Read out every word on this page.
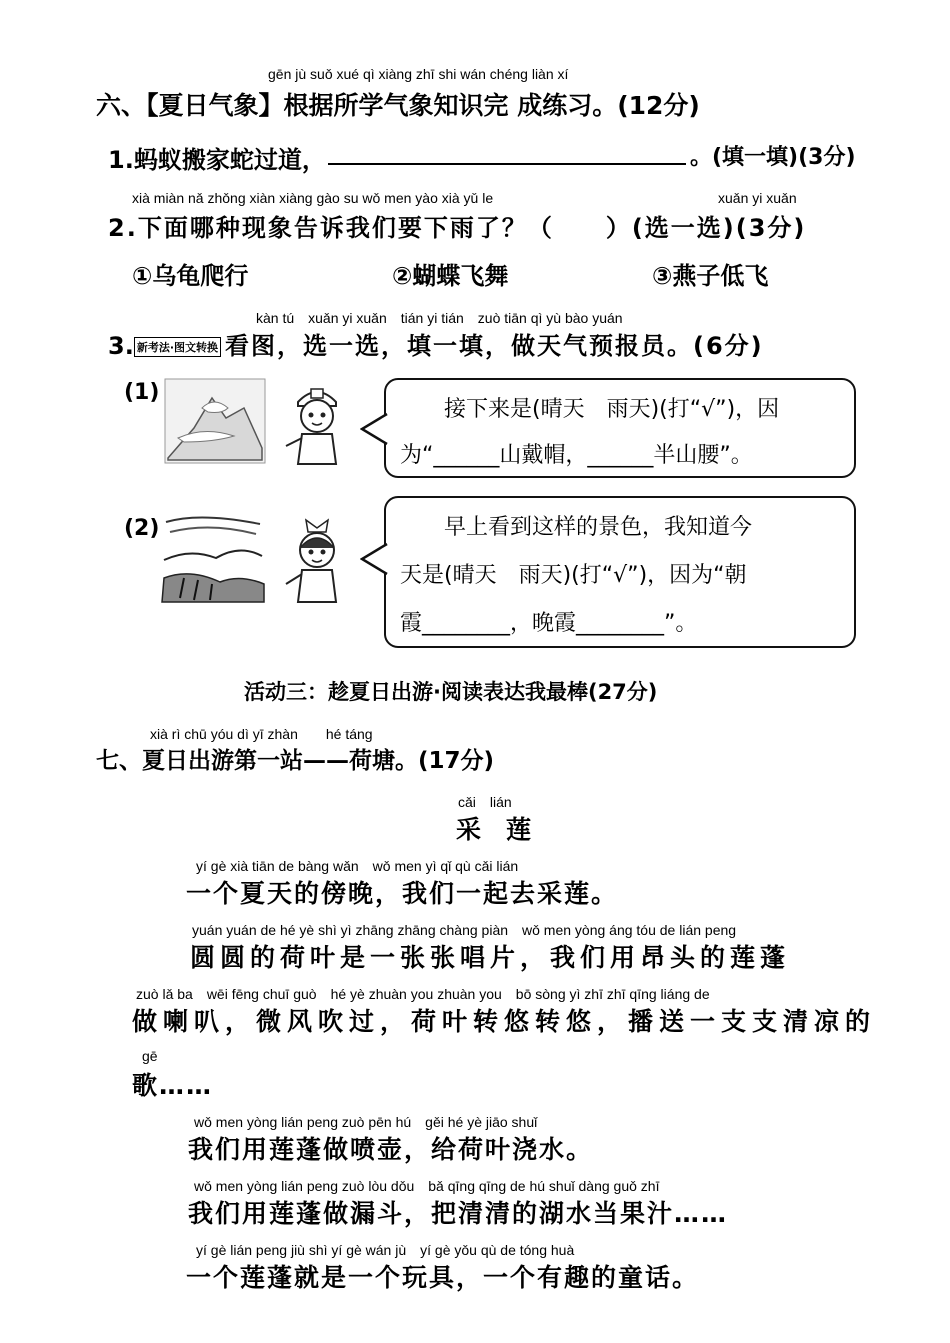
gēn jù suǒ xué qì xiàng zhī shi wán chéng liàn xí
六、【夏日气象】根据所学气象知识完 成练习。(12分)
1.蚂蚁搬家蛇过道，	。(填一填)(3分)
xià miàn nǎ zhǒng xiàn xiàng gào su wǒ men yào xià yǔ le	xuǎn yi xuǎn
2.下面哪种现象告诉我们要下雨了？（　　）(选一选)(3分)
①乌龟爬行	②蝴蝶飞舞	③燕子低飞
kàn tú　xuǎn yi xuǎn　tián yi tián　zuò tiān qì yù bào yuán
3. 新考法·图文转换 看图，选一选，填一填，做天气预报员。(6分)
(1)
接下来是(晴天　雨天)(打“√”)，因
为“______山戴帽，______半山腰”。
(2)	早上看到这样的景色，我知道今
天是(晴天　雨天)(打“√”)，因为“朝
霞________，晚霞________”。
活动三：趁夏日出游·阅读表达我最棒(27分)
xià rì chū yóu dì yī zhàn　　hé táng
七、夏日出游第一站——荷塘。(17分)
cǎi　lián
采　莲
yí gè xià tiān de bàng wǎn　wǒ men yì qǐ qù cǎi lián
一个夏天的傍晚，我们一起去采莲。
yuán yuán de hé yè shì yì zhāng zhāng chàng piàn　wǒ men yòng áng tóu de lián peng
圆圆的荷叶是一张张唱片，我们用昂头的莲蓬
zuò lǎ ba　wēi fēng chuī guò　hé yè zhuàn you zhuàn you　bō sòng yì zhī zhī qīng liáng de
做喇叭，微风吹过，荷叶转悠转悠，播送一支支清凉的
gē
歌……
wǒ men yòng lián peng zuò pēn hú　gěi hé yè jiāo shuǐ
我们用莲蓬做喷壶，给荷叶浇水。
wǒ men yòng lián peng zuò lòu dǒu　bǎ qīng qīng de hú shuǐ dàng guǒ zhī
我们用莲蓬做漏斗，把清清的湖水当果汁……
yí gè lián peng jiù shì yí gè wán jù　yí gè yǒu qù de tóng huà
一个莲蓬就是一个玩具，一个有趣的童话。
